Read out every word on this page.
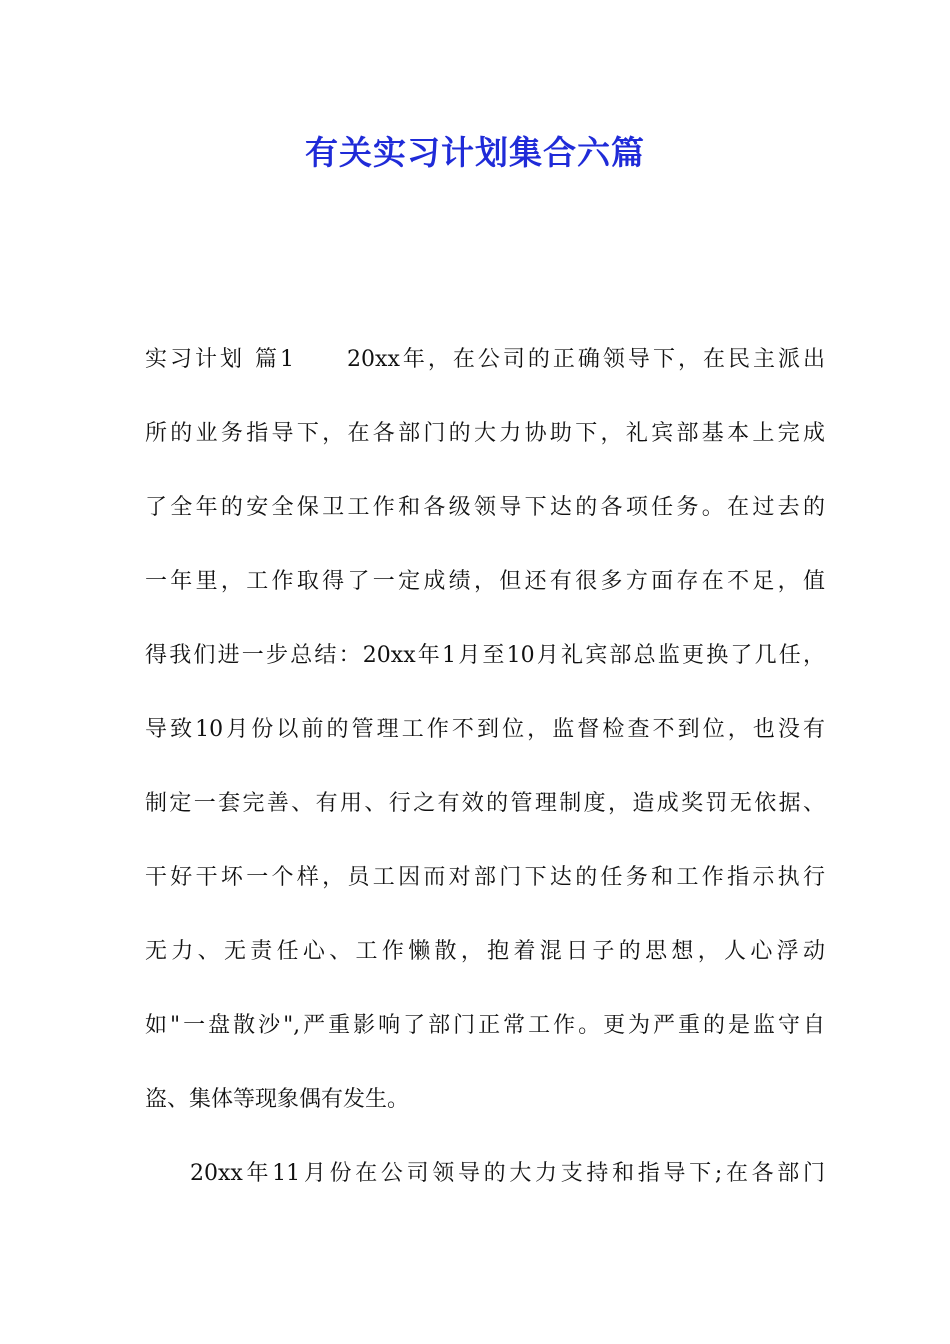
有关实习计划集合六篇
实习计划 篇1　　20xx年，在公司的正确领导下，在民主派出
所的业务指导下，在各部门的大力协助下，礼宾部基本上完成
了全年的安全保卫工作和各级领导下达的各项任务。在过去的
一年里，工作取得了一定成绩，但还有很多方面存在不足，值
得我们进一步总结：20xx年1月至10月礼宾部总监更换了几任，
导致10月份以前的管理工作不到位，监督检查不到位，也没有
制定一套完善、有用、行之有效的管理制度，造成奖罚无依据、
干好干坏一个样，员工因而对部门下达的任务和工作指示执行
无力、无责任心、工作懒散，抱着混日子的思想，人心浮动
如"一盘散沙",严重影响了部门正常工作。更为严重的是监守自
盗、集体等现象偶有发生。
20xx年11月份在公司领导的大力支持和指导下;在各部门
